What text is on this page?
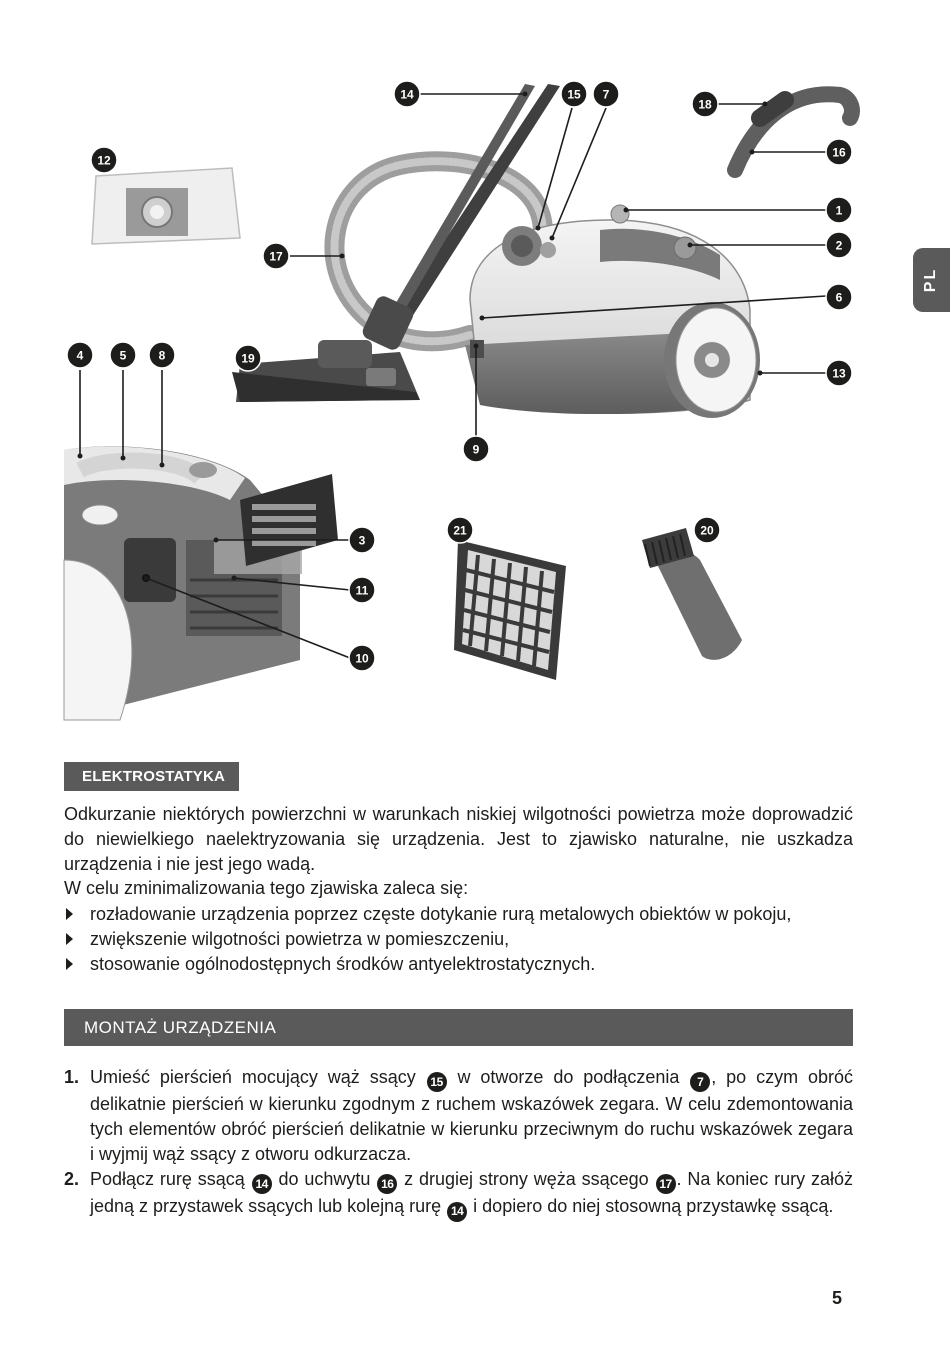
14	15 7
18
16
12
1
2
17
6
4	5	8	19
13
9
3
21	20
11
10
PL
ELEKTROSTATYKA

Odkurzanie niektórych powierzchni w warunkach niskiej wilgotności powietrza może doprowadzić do niewielkiego naelektryzowania się urządzenia. Jest to zjawisko naturalne, nie uszkadza urządzenia i nie jest jego wadą.

W celu zminimalizowania tego zjawiska zaleca się:

rozładowanie urządzenia poprzez częste dotykanie rurą metalowych obiektów w pokoju,
zwiększenie wilgotności powietrza w pomieszczeniu,
stosowanie ogólnodostępnych środków antyelektrostatycznych.
MONTAŻ URZĄDZENIA
1. Umieść pierścień mocujący wąż ssący 15 w otworze do podłączenia 7 , po czym obróć delikatnie pierścień w kierunku zgodnym z ruchem wskazówek zegara. W celu zdemontowania tych elementów obróć pierścień delikatnie w kierunku przeciwnym do ruchu wskazówek zegara i wyjmij wąż ssący z otworu odkurzacza.
2. Podłącz rurę ssącą 14 do uchwytu 16 z drugiej strony węża ssącego 17 . Na koniec rury załóż jedną z przystawek ssących lub kolejną rurę 14 i dopiero do niej stosowną przystawkę ssącą.
5
